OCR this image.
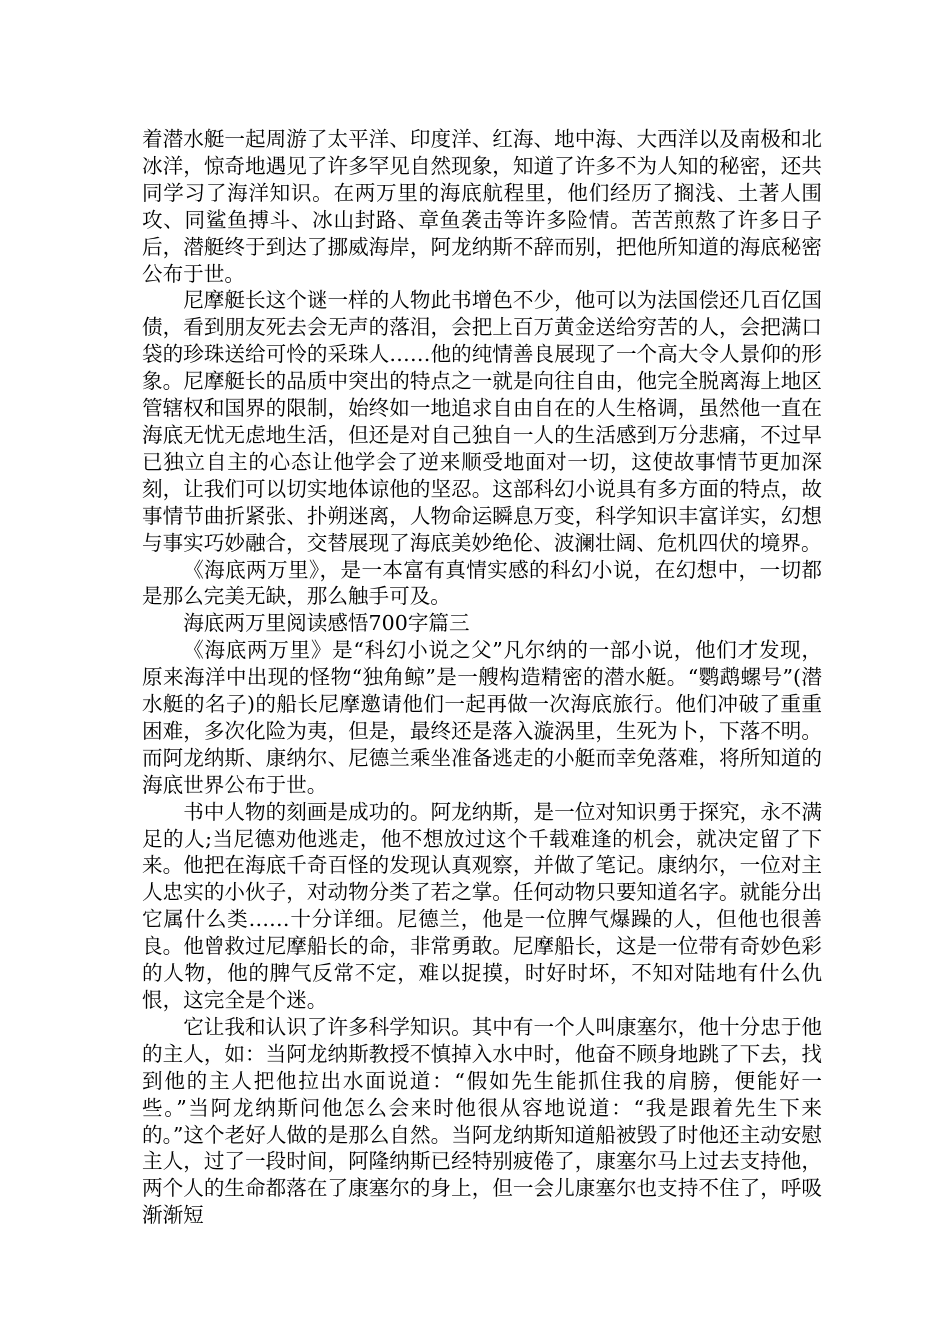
着潜水艇一起周游了太平洋、印度洋、红海、地中海、大西洋以及南极和北冰洋，惊奇地遇见了许多罕见自然现象，知道了许多不为人知的秘密，还共同学习了海洋知识。在两万里的海底航程里，他们经历了搁浅、土著人围攻、同鲨鱼搏斗、冰山封路、章鱼袭击等许多险情。苦苦煎熬了许多日子后，潜艇终于到达了挪威海岸，阿龙纳斯不辞而别，把他所知道的海底秘密公布于世。

尼摩艇长这个谜一样的人物此书增色不少，他可以为法国偿还几百亿国债，看到朋友死去会无声的落泪，会把上百万黄金送给穷苦的人，会把满口袋的珍珠送给可怜的采珠人……他的纯情善良展现了一个高大令人景仰的形象。尼摩艇长的品质中突出的特点之一就是向往自由，他完全脱离海上地区管辖权和国界的限制，始终如一地追求自由自在的人生格调，虽然他一直在海底无忧无虑地生活，但还是对自己独自一人的生活感到万分悲痛，不过早已独立自主的心态让他学会了逆来顺受地面对一切，这使故事情节更加深刻，让我们可以切实地体谅他的坚忍。这部科幻小说具有多方面的特点，故事情节曲折紧张、扑朔迷离，人物命运瞬息万变，科学知识丰富详实，幻想与事实巧妙融合，交替展现了海底美妙绝伦、波澜壮阔、危机四伏的境界。

《海底两万里》，是一本富有真情实感的科幻小说，在幻想中，一切都是那么完美无缺，那么触手可及。

海底两万里阅读感悟700字篇三

《海底两万里》是“科幻小说之父”凡尔纳的一部小说，他们才发现，原来海洋中出现的怪物“独角鲸”是一艘构造精密的潜水艇。“鹦鹉螺号”(潜水艇的名子)的船长尼摩邀请他们一起再做一次海底旅行。他们冲破了重重困难，多次化险为夷，但是，最终还是落入漩涡里，生死为卜，下落不明。而阿龙纳斯、康纳尔、尼德兰乘坐准备逃走的小艇而幸免落难，将所知道的海底世界公布于世。

书中人物的刻画是成功的。阿龙纳斯，是一位对知识勇于探究，永不满足的人;当尼德劝他逃走，他不想放过这个千载难逢的机会，就决定留了下来。他把在海底千奇百怪的发现认真观察，并做了笔记。康纳尔，一位对主人忠实的小伙子，对动物分类了若之掌。任何动物只要知道名字。就能分出它属什么类……十分详细。尼德兰，他是一位脾气爆躁的人，但他也很善良。他曾救过尼摩船长的命，非常勇敢。尼摩船长，这是一位带有奇妙色彩的人物，他的脾气反常不定，难以捉摸，时好时坏，不知对陆地有什么仇恨，这完全是个迷。

它让我和认识了许多科学知识。其中有一个人叫康塞尔，他十分忠于他的主人，如：当阿龙纳斯教授不慎掉入水中时，他奋不顾身地跳了下去，找到他的主人把他拉出水面说道：“假如先生能抓住我的肩膀，便能好一些。”当阿龙纳斯问他怎么会来时他很从容地说道：“我是跟着先生下来的。”这个老好人做的是那么自然。当阿龙纳斯知道船被毁了时他还主动安慰主人，过了一段时间，阿隆纳斯已经特别疲倦了，康塞尔马上过去支持他，两个人的生命都落在了康塞尔的身上，但一会儿康塞尔也支持不住了，呼吸渐渐短
